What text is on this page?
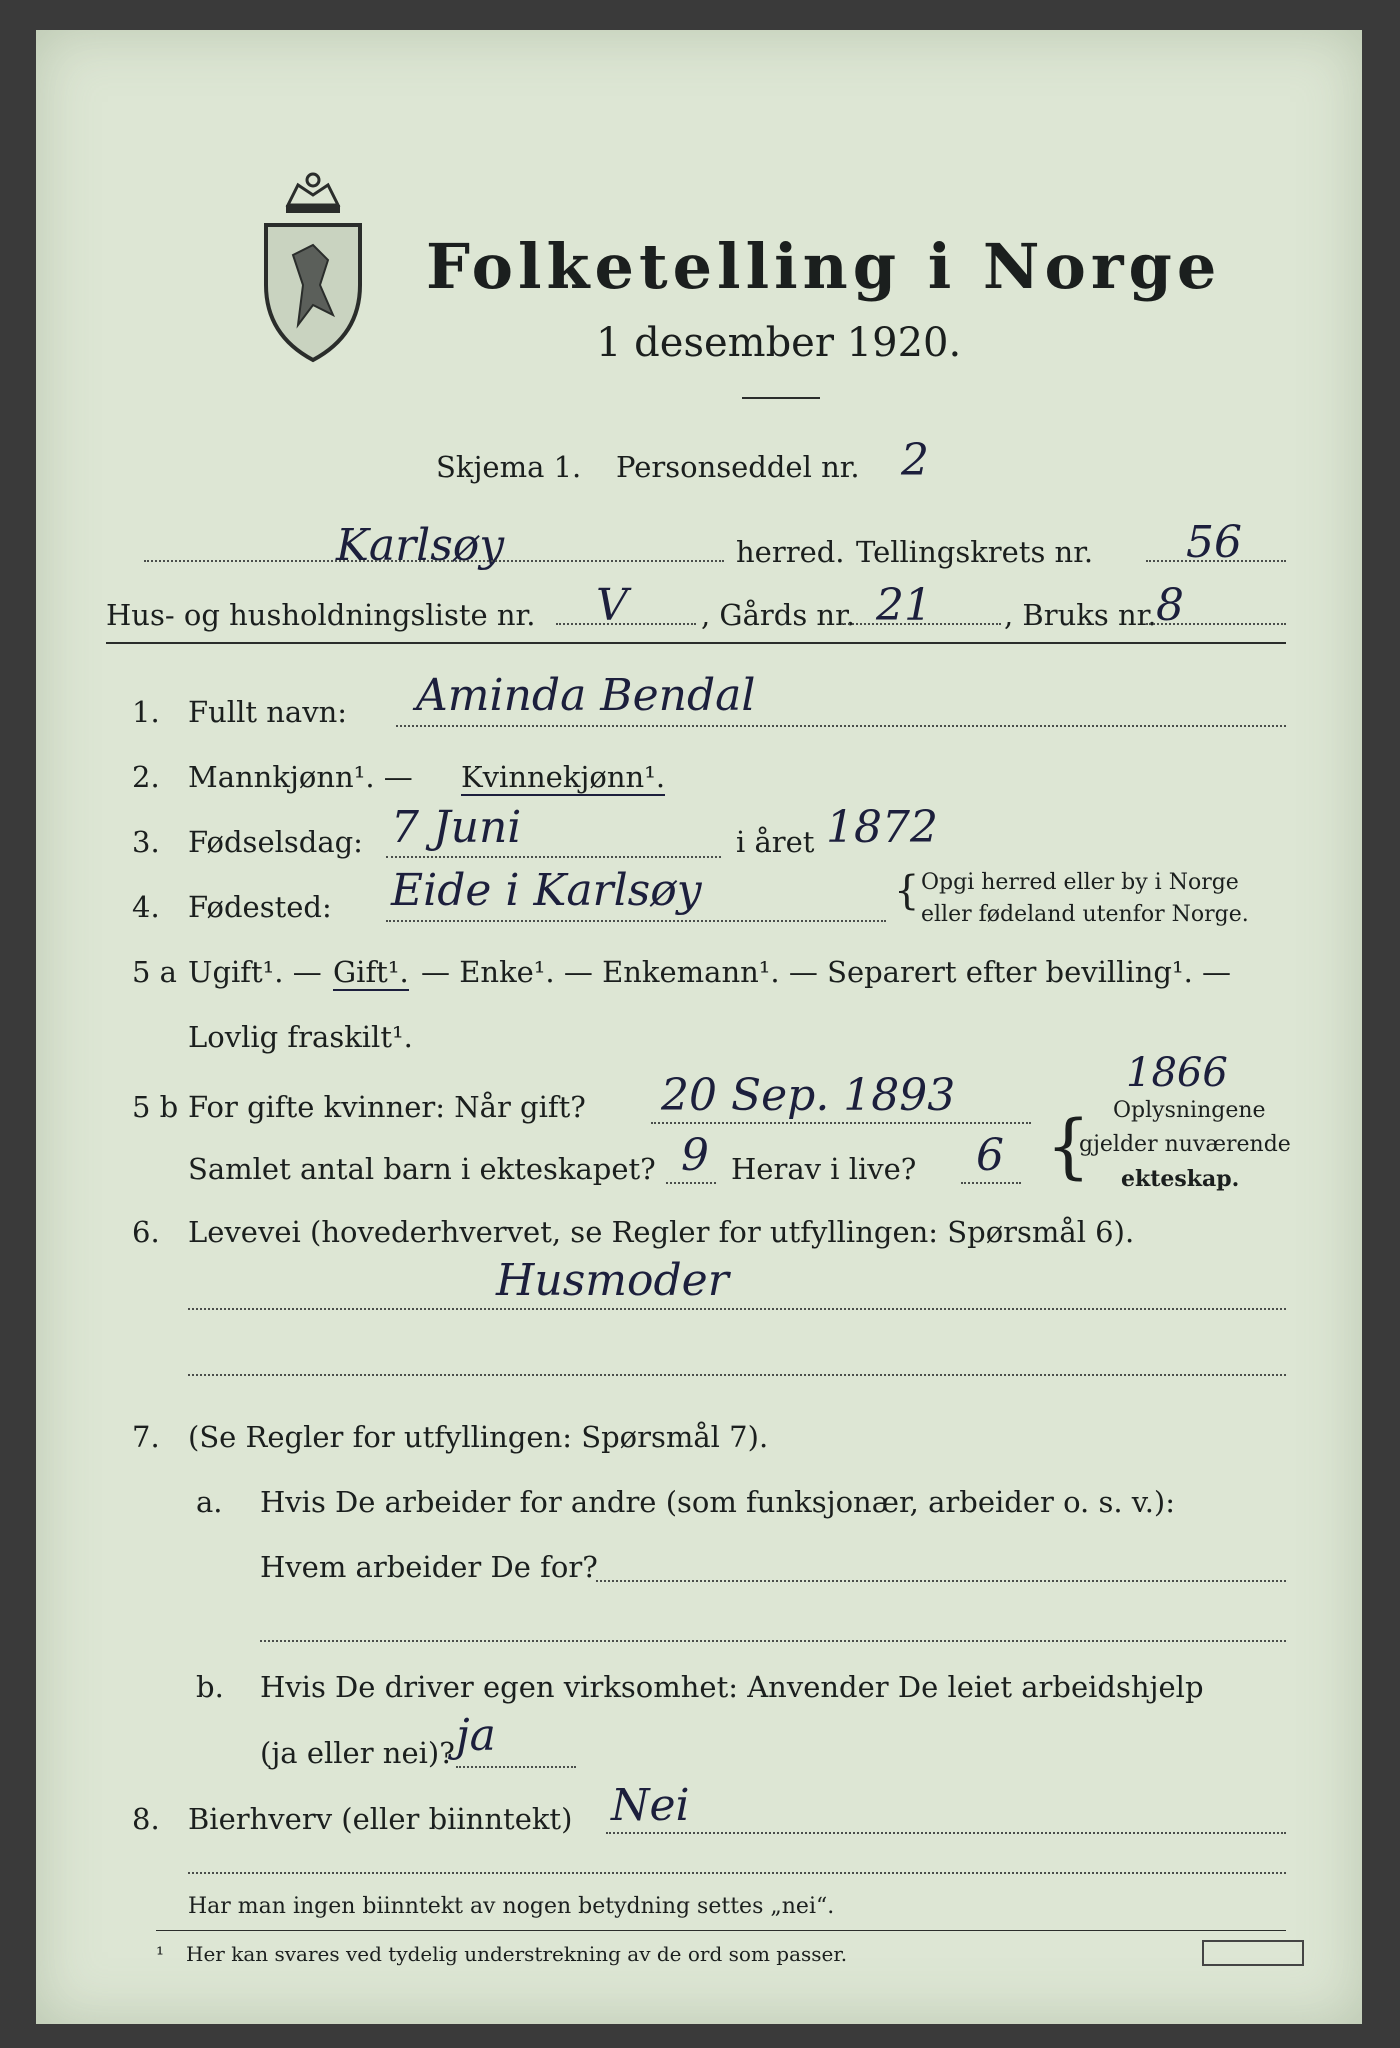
Folketelling i Norge
1 desember 1920.
Skjema 1. Personseddel nr. 2
Karlsøy	herred. Tellingskrets nr. 56
Hus- og husholdningsliste nr. V	, Gårds nr. 21 , Bruks nr. 8
1. Fullt navn: Aminda Bendal
2. Mannkjønn¹. — Kvinnekjønn¹.
3. Fødselsdag: 7 Juni	i året 1872
4. Fødested: Eide i Karlsøy	{ Opgi herred eller by i Norge
eller fødeland utenfor Norge.
5 a Ugift¹. — Gift¹. — Enke¹. — Enkemann¹. — Separert efter bevilling¹. —
Lovlig fraskilt¹.
1866
5 b For gifte kvinner: Når gift? 20 Sep. 1893
Samlet antal barn i ekteskapet? 9 Herav i live? 6 { Oplysningene
gjelder nuværende
ekteskap.
6. Levevei (hovederhvervet, se Regler for utfyllingen: Spørsmål 6).
Husmoder
7. (Se Regler for utfyllingen: Spørsmål 7).
a. Hvis De arbeider for andre (som funksjonær, arbeider o. s. v.):
Hvem arbeider De for?
b. Hvis De driver egen virksomhet: Anvender De leiet arbeidshjelp
(ja eller nei)? ja
8. Bierhverv (eller biinntekt) Nei
Har man ingen biinntekt av nogen betydning settes „nei“.
¹ Her kan svares ved tydelig understrekning av de ord som passer.
